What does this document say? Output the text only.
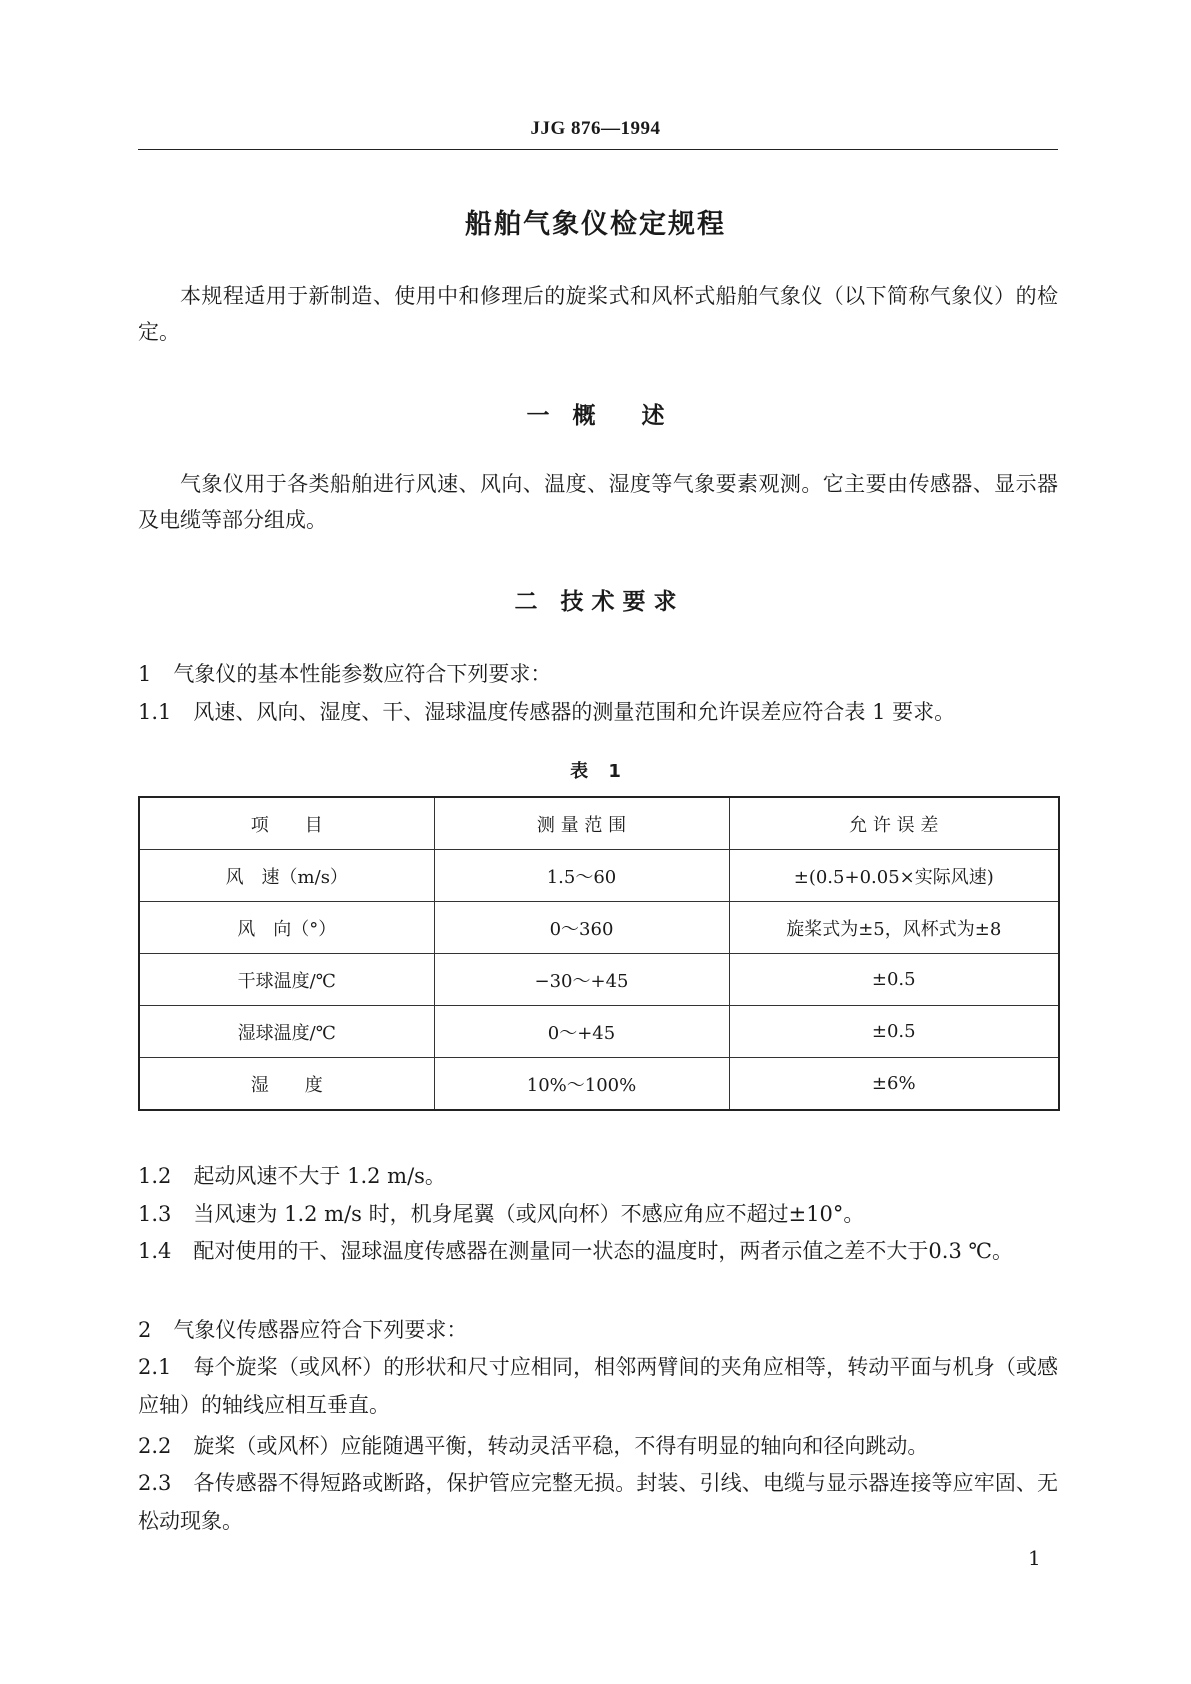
JJG 876—1994
船舶气象仪检定规程
本规程适用于新制造、使用中和修理后的旋桨式和风杯式船舶气象仪（以下简称气象仪）的检定。
一　概　　述
气象仪用于各类船舶进行风速、风向、温度、湿度等气象要素观测。它主要由传感器、显示器及电缆等部分组成。
二　技 术 要 求
1 气象仪的基本性能参数应符合下列要求：
1.1 风速、风向、湿度、干、湿球温度传感器的测量范围和允许误差应符合表 1 要求。
表 1
项　　目	测 量 范 围	允 许 误 差
风　速（m/s）	1.5～60	±(0.5+0.05×实际风速)
风　向（°）	0～360	旋桨式为±5，风杯式为±8
干球温度/℃	−30～+45	±0.5
湿球温度/℃	0～+45	±0.5
湿　　度	10%～100%	±6%
1.2 起动风速不大于 1.2 m/s。
1.3 当风速为 1.2 m/s 时，机身尾翼（或风向杯）不感应角应不超过±10°。
1.4 配对使用的干、湿球温度传感器在测量同一状态的温度时，两者示值之差不大于0.3 ℃。
2 气象仪传感器应符合下列要求：
2.1 每个旋桨（或风杯）的形状和尺寸应相同，相邻两臂间的夹角应相等，转动平面与机身（或感应轴）的轴线应相互垂直。
2.2 旋桨（或风杯）应能随遇平衡，转动灵活平稳，不得有明显的轴向和径向跳动。
2.3 各传感器不得短路或断路，保护管应完整无损。封装、引线、电缆与显示器连接等应牢固、无松动现象。
1
